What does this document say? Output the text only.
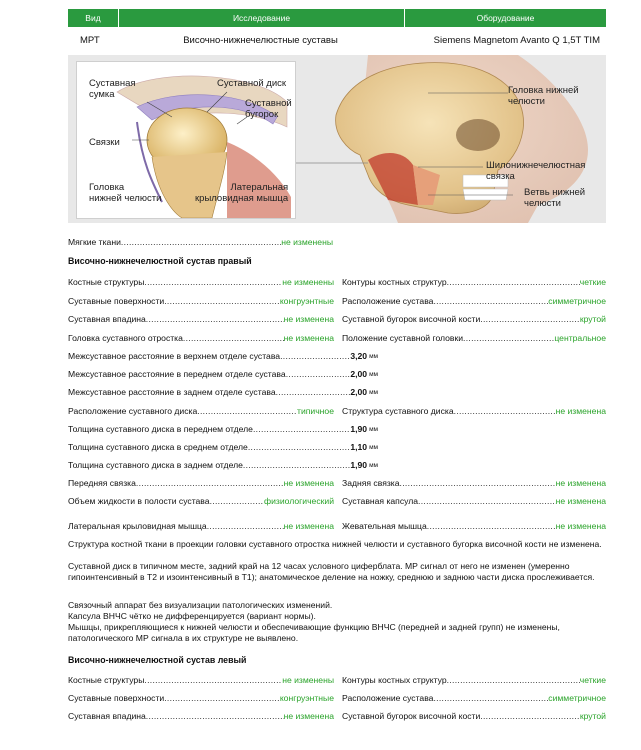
Вид	Исследование	Оборудование
МРТ	Височно-нижнечелюстные суставы	Siemens Magnetom Avanto Q 1,5T TIM
Суставная
сумка
Связки
Головка
нижней челюсти
Суставной диск
Суставной
бугорок
Латеральная
крыловидная мышца
Головка нижней
челюсти
Шилонижнечелюстная
связка
Ветвь нижней
челюсти
Мягкие ткани .....	не изменены
Височно-нижнечелюстной сустав правый
Костные структуры .....	не изменены Контуры костных структур .....	четкие
Суставные поверхности .....	конгруэнтные Расположение сустава .....	симметричное
Суставная впадина .....	не изменена Суставной бугорок височной кости .....	крутой
Головка суставного отростка .....	не изменена Положение суставной головки .....	центральное
Межсуставное расстояние в верхнем отделе сустава .....	3,20 мм
Межсуставное расстояние в переднем отделе сустава .....	2,00 мм
Межсуставное расстояние в заднем отделе сустава .....	2,00 мм
Расположение суставного диска .....	типичное Структура суставного диска .....	не изменена
Толщина суставного диска в переднем отделе .....	1,90 мм
Толщина суставного диска в среднем отделе .....	1,10 мм
Толщина суставного диска в заднем отделе .....	1,90 мм
Передняя связка .....	не изменена Задняя связка .....	не изменена
Объем жидкости в полости сустава .....	физиологический Суставная капсула .....	не изменена
Латеральная крыловидная мышца .....	не изменена Жевательная мышца .....	не изменена
Структура костной ткани в проекции головки суставного отростка нижней челюсти и суставного бугорка височной кости не изменена.
Суставной диск в типичном месте, задний край на 12 часах условного циферблата. МР сигнал от него не изменен (умеренно гипоинтенсивный в Т2 и изоинтенсивный в Т1); анатомическое деление на ножку, среднюю и заднюю части диска прослеживается.
Связочный аппарат без визуализации патологических изменений.
Капсула ВНЧС чётко не дифференцируется (вариант нормы).
Мышцы, прикрепляющиеся к нижней челюсти и обеспечивающие функцию ВНЧС (передней и задней групп) не изменены, патологического МР сигнала в их структуре не выявлено.
Височно-нижнечелюстной сустав левый
Костные структуры .....	не изменены Контуры костных структур .....	четкие
Суставные поверхности .....	конгруэнтные Расположение сустава .....	симметричное
Суставная впадина .....	не изменена Суставной бугорок височной кости .....	крутой
